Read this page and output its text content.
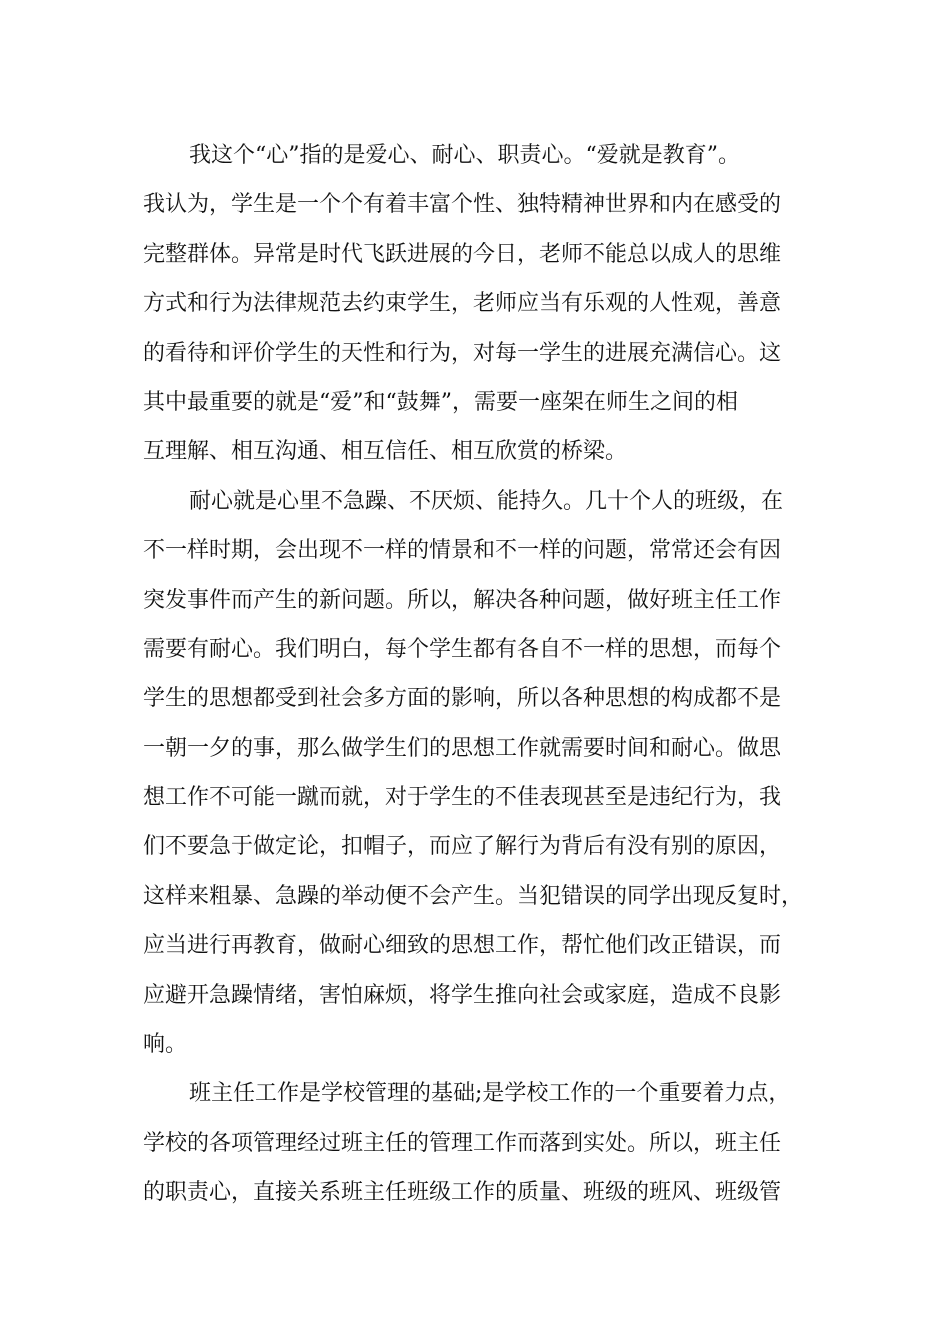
我这个“心”指的是爱心、耐心、职责心。“爱就是教育”。
我认为，学生是一个个有着丰富个性、独特精神世界和内在感受的
完整群体。异常是时代飞跃进展的今日，老师不能总以成人的思维
方式和行为法律规范去约束学生，老师应当有乐观的人性观，善意
的看待和评价学生的天性和行为，对每一学生的进展充满信心。这
其中最重要的就是“爱”和“鼓舞”，需要一座架在师生之间的相
互理解、相互沟通、相互信任、相互欣赏的桥梁。
耐心就是心里不急躁、不厌烦、能持久。几十个人的班级，在
不一样时期，会出现不一样的情景和不一样的问题，常常还会有因
突发事件而产生的新问题。所以，解决各种问题，做好班主任工作
需要有耐心。我们明白，每个学生都有各自不一样的思想，而每个
学生的思想都受到社会多方面的影响，所以各种思想的构成都不是
一朝一夕的事，那么做学生们的思想工作就需要时间和耐心。做思
想工作不可能一蹴而就，对于学生的不佳表现甚至是违纪行为，我
们不要急于做定论，扣帽子，而应了解行为背后有没有别的原因，
这样来粗暴、急躁的举动便不会产生。当犯错误的同学出现反复时，
应当进行再教育，做耐心细致的思想工作，帮忙他们改正错误，而
应避开急躁情绪，害怕麻烦，将学生推向社会或家庭，造成不良影
响。
班主任工作是学校管理的基础;是学校工作的一个重要着力点，
学校的各项管理经过班主任的管理工作而落到实处。所以，班主任
的职责心，直接关系班主任班级工作的质量、班级的班风、班级管
